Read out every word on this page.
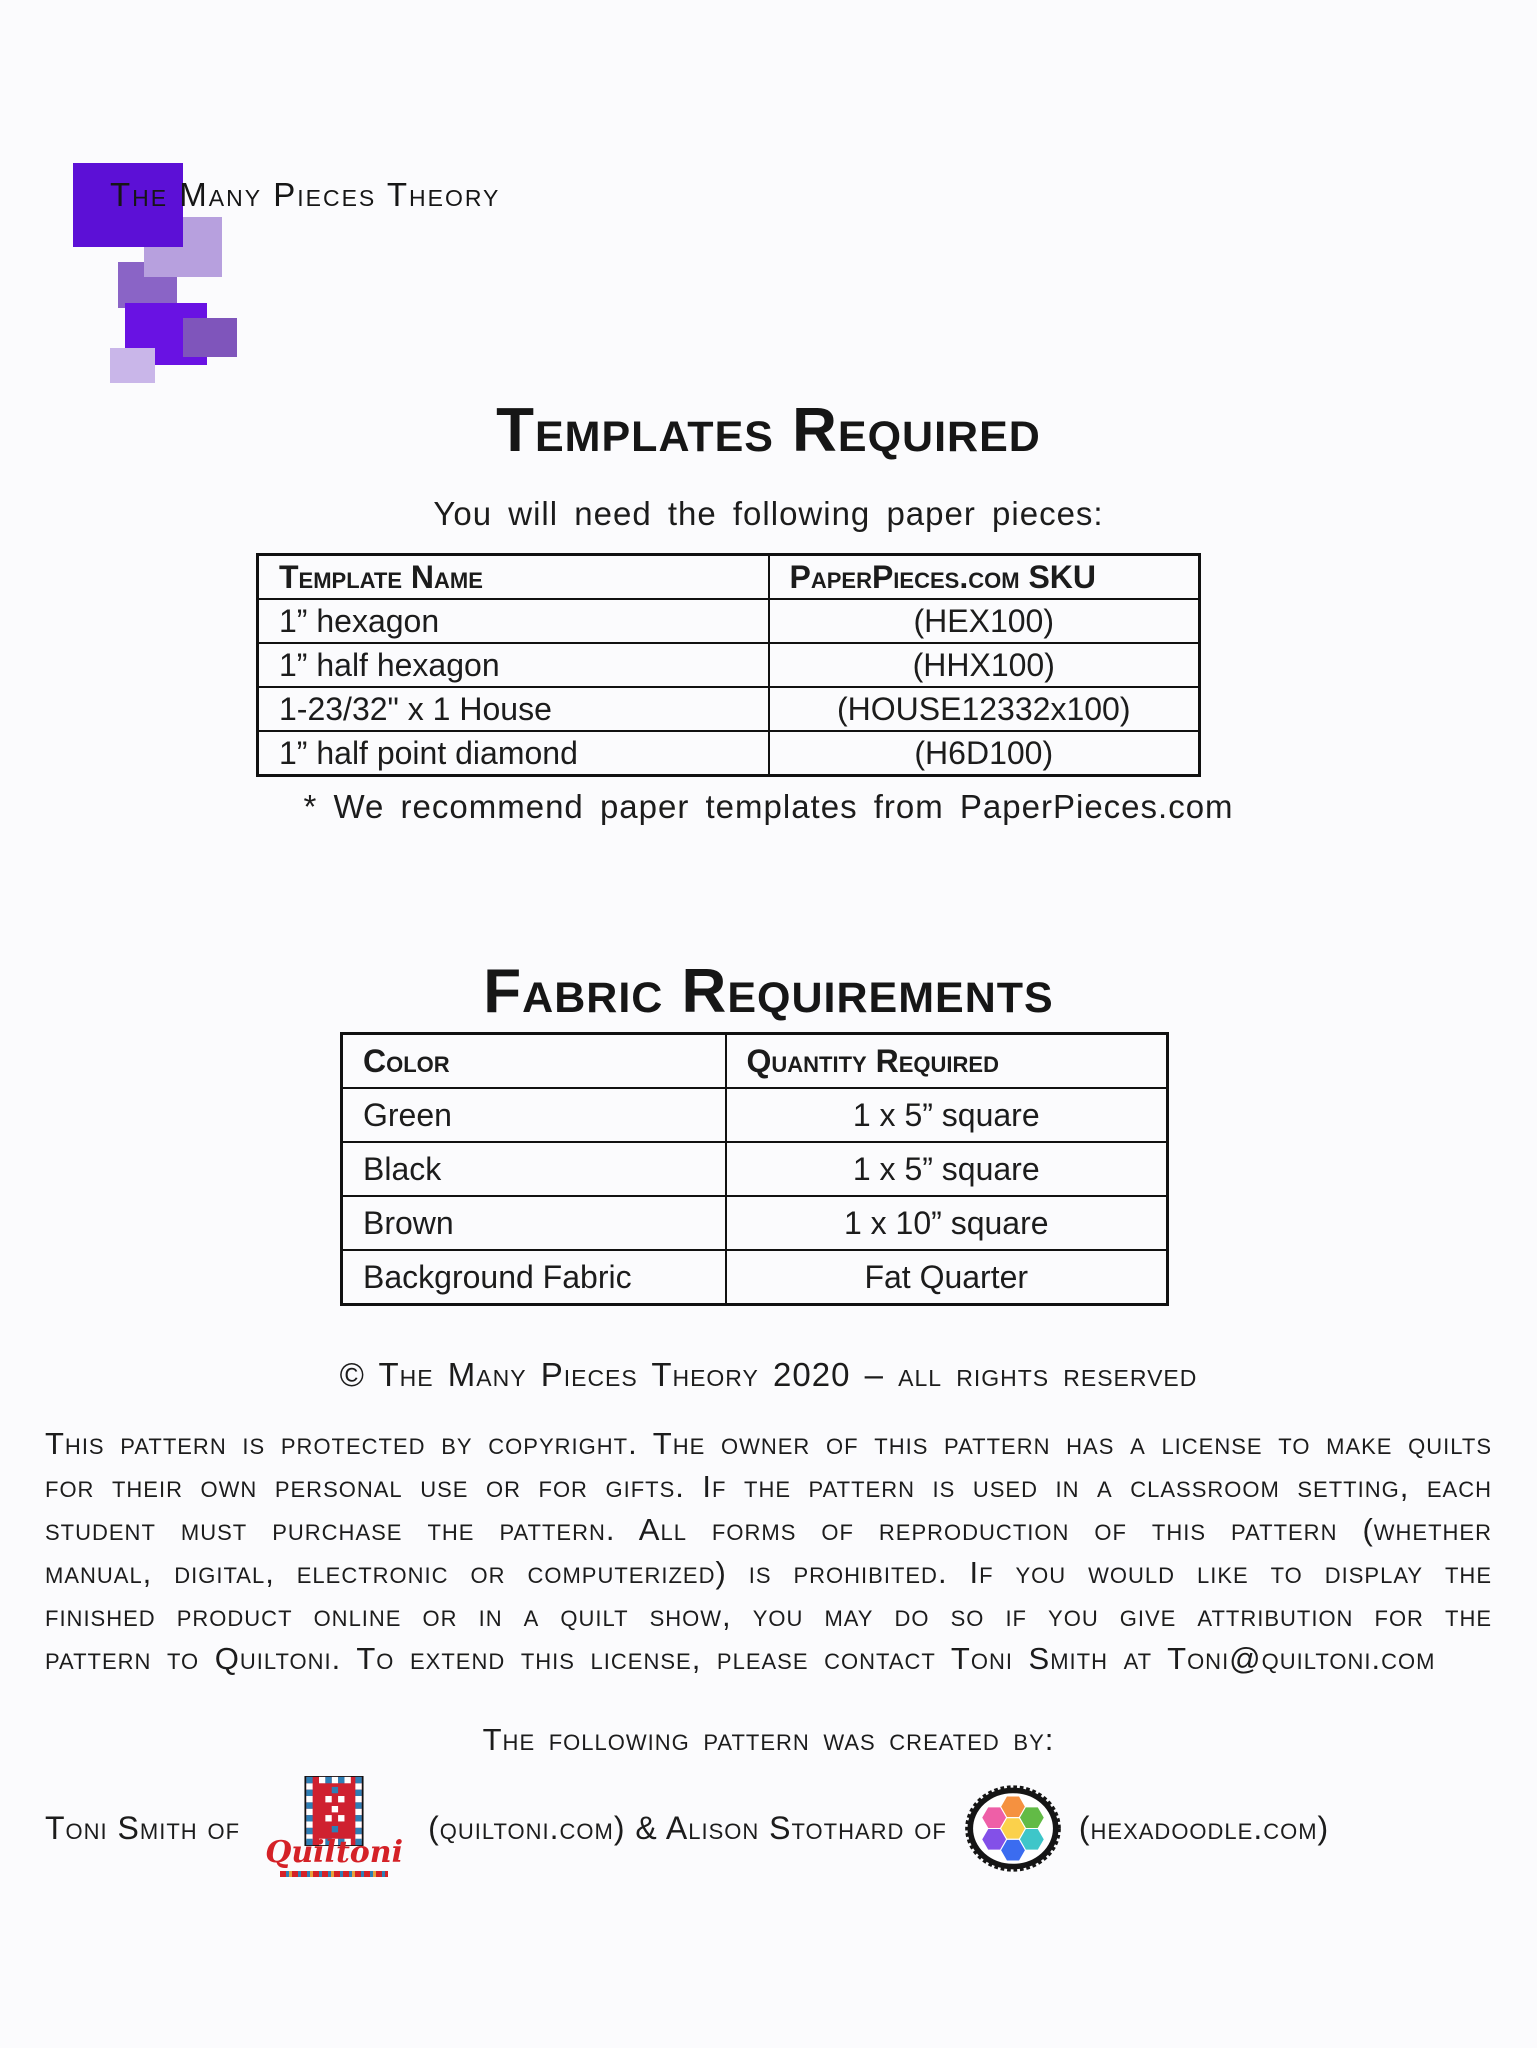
The Many Pieces Theory
Templates Required
You will need the following paper pieces:
Template Name	PaperPieces.com SKU
1” hexagon	(HEX100)
1” half hexagon	(HHX100)
1-23/32" x 1 House	(HOUSE12332x100)
1” half point diamond	(H6D100)
* We recommend paper templates from PaperPieces.com
Fabric Requirements
Color	Quantity Required
Green	1 x 5” square
Black	1 x 5” square
Brown	1 x 10” square
Background Fabric	Fat Quarter
© The Many Pieces Theory 2020 – all rights reserved
This pattern is protected by copyright. The owner of this pattern has a license to make quilts for their own personal use or for gifts. If the pattern is used in a classroom setting, each student must purchase the pattern. All forms of reproduction of this pattern (whether manual, digital, electronic or computerized) is prohibited. If you would like to display the finished product online or in a quilt show, you may do so if you give attribution for the pattern to Quiltoni. To extend this license, please contact Toni Smith at Toni@quiltoni.com
The following pattern was created by:
Toni Smith of
Quiltoni
(quiltoni.com) & Alison Stothard of	(hexadoodle.com)
